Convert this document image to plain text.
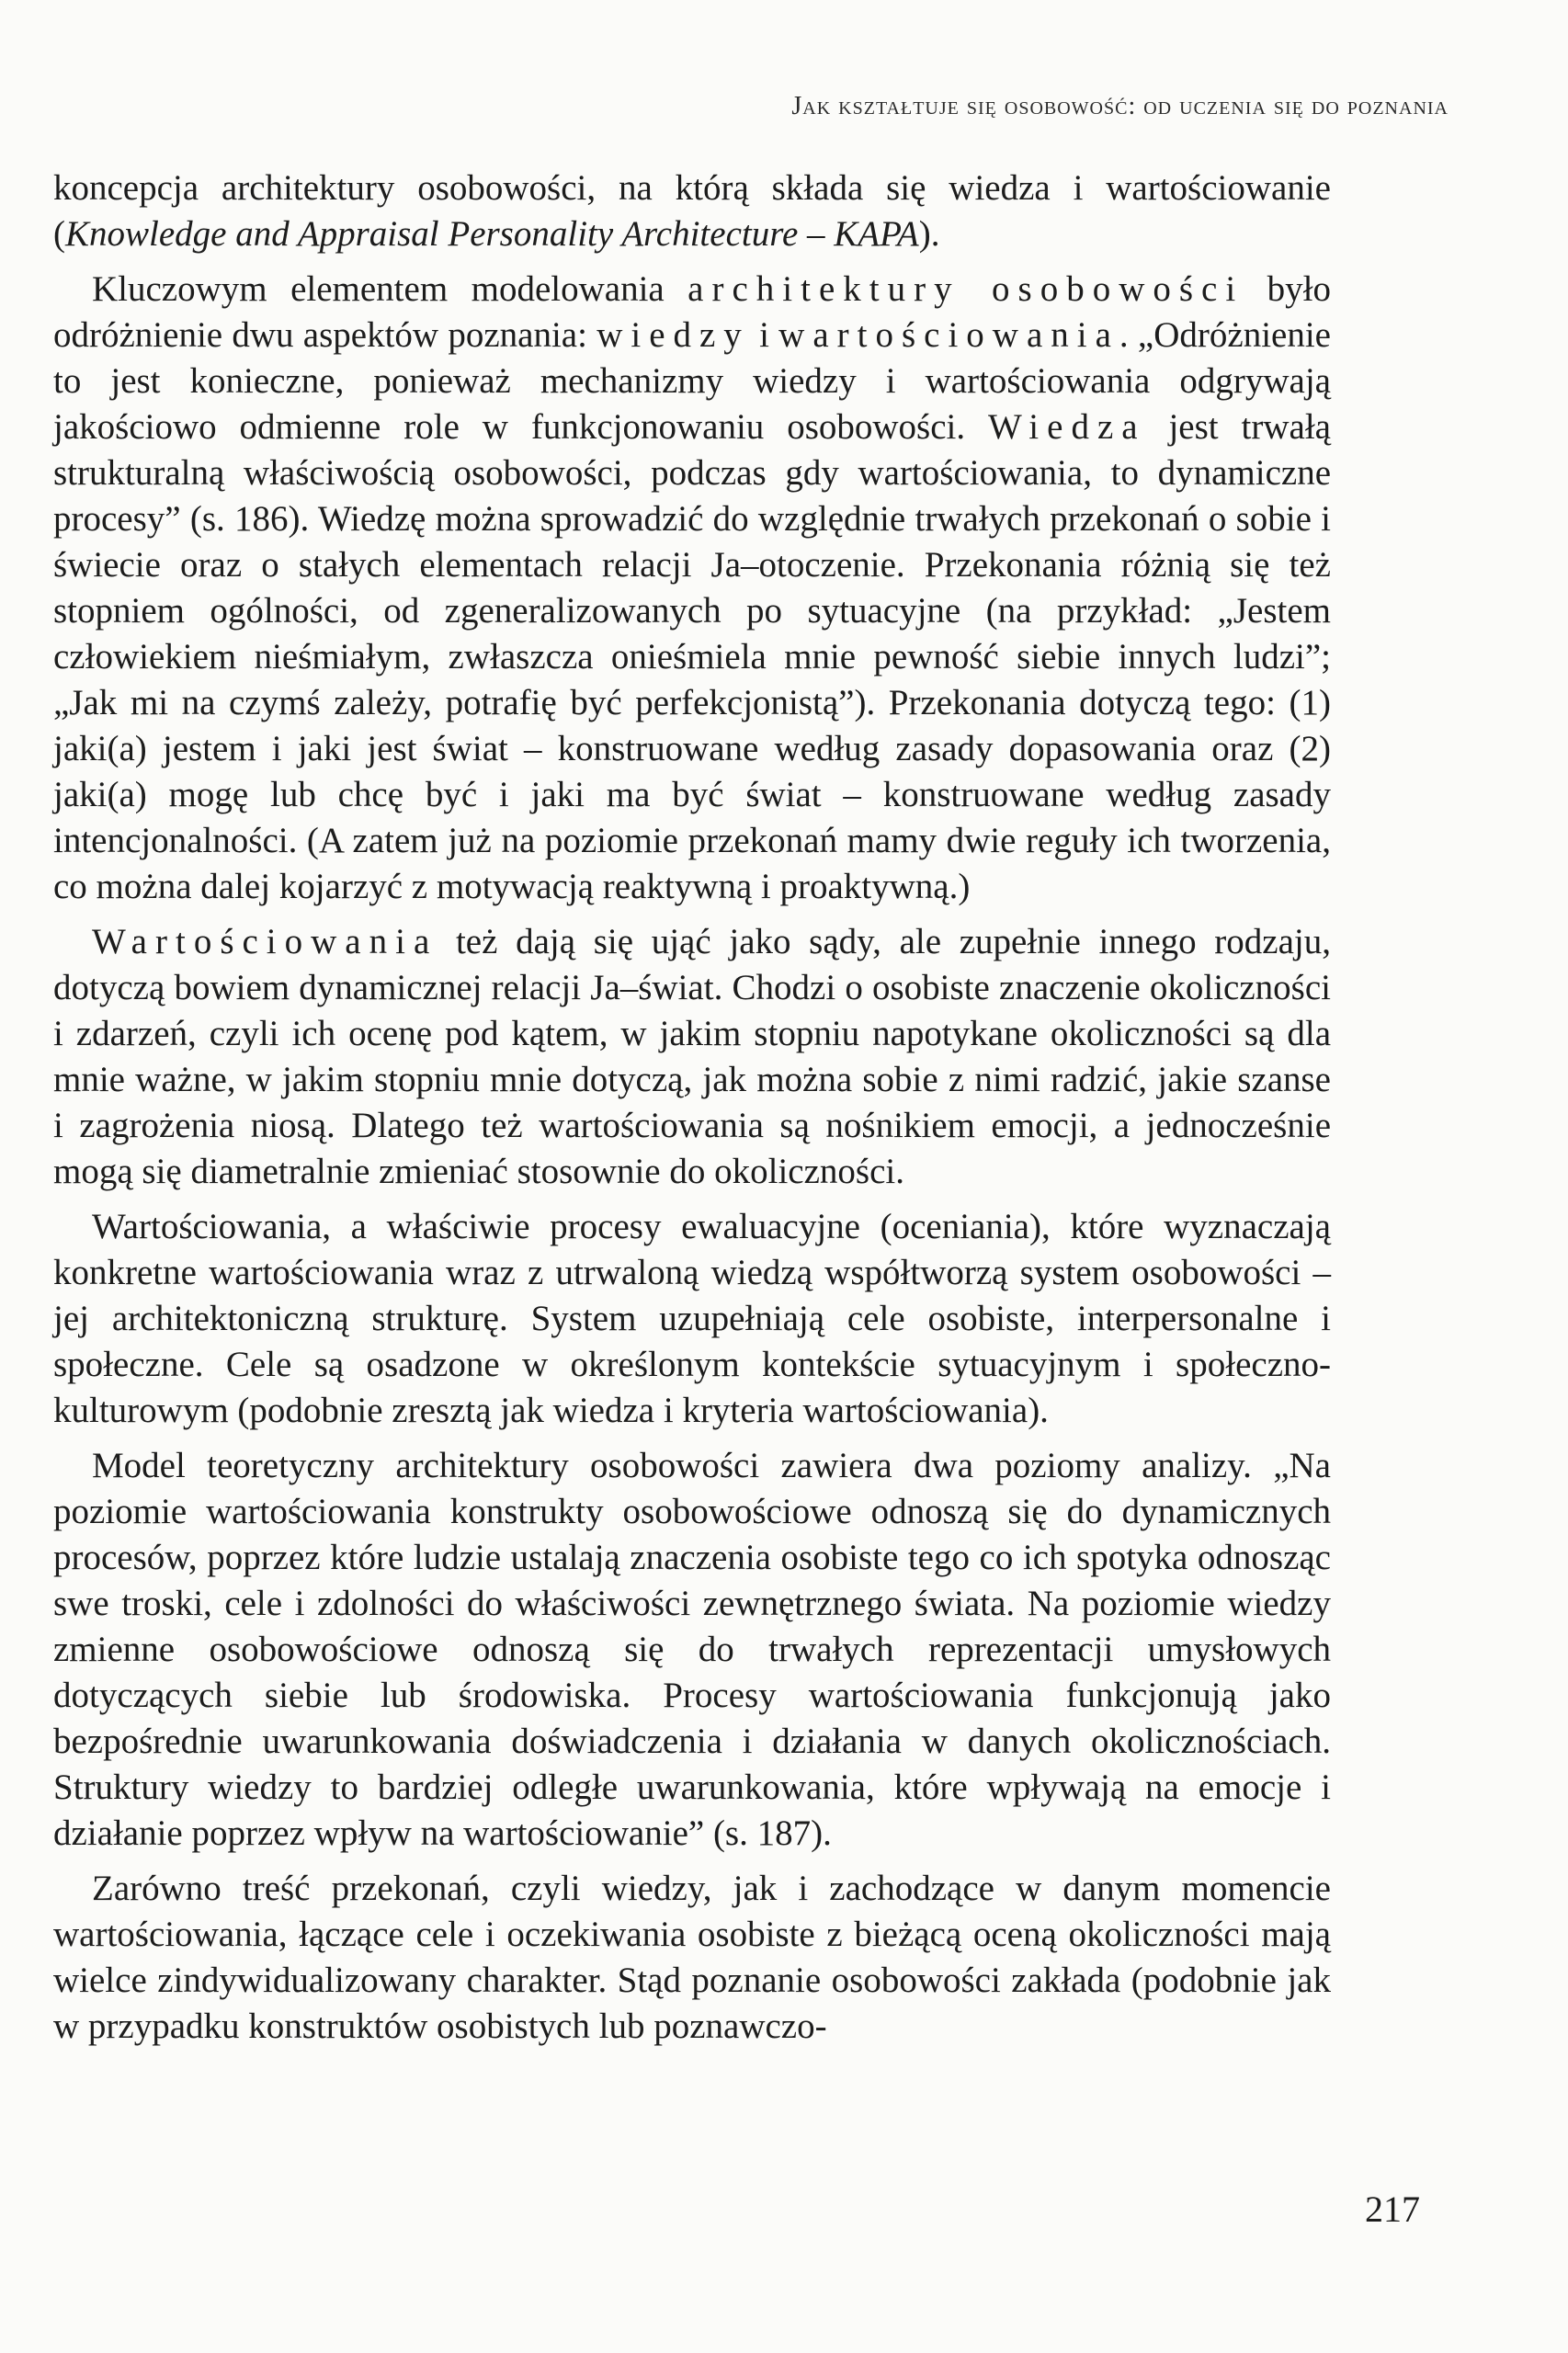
Jak kształtuje się osobowość: od uczenia się do poznania

koncepcja architektury osobowości, na którą składa się wiedza i wartościowanie (Knowledge and Appraisal Personality Architecture – KAPA).

Kluczowym elementem modelowania architektury osobowości było odróżnienie dwu aspektów poznania: wiedzy i wartościowania. „Odróżnienie to jest konieczne, ponieważ mechanizmy wiedzy i wartościowania odgrywają jakościowo odmienne role w funkcjonowaniu osobowości. Wiedza jest trwałą strukturalną właściwością osobowości, podczas gdy wartościowania, to dynamiczne procesy” (s. 186). Wiedzę można sprowadzić do względnie trwałych przekonań o sobie i świecie oraz o stałych elementach relacji Ja–otoczenie. Przekonania różnią się też stopniem ogólności, od zgeneralizowanych po sytuacyjne (na przykład: „Jestem człowiekiem nieśmiałym, zwłaszcza onieśmiela mnie pewność siebie innych ludzi”; „Jak mi na czymś zależy, potrafię być perfekcjonistą”). Przekonania dotyczą tego: (1) jaki(a) jestem i jaki jest świat – konstruowane według zasady dopasowania oraz (2) jaki(a) mogę lub chcę być i jaki ma być świat – konstruowane według zasady intencjonalności. (A zatem już na poziomie przekonań mamy dwie reguły ich tworzenia, co można dalej kojarzyć z motywacją reaktywną i proaktywną.)

Wartościowania też dają się ująć jako sądy, ale zupełnie innego rodzaju, dotyczą bowiem dynamicznej relacji Ja–świat. Chodzi o osobiste znaczenie okoliczności i zdarzeń, czyli ich ocenę pod kątem, w jakim stopniu napotykane okoliczności są dla mnie ważne, w jakim stopniu mnie dotyczą, jak można sobie z nimi radzić, jakie szanse i zagrożenia niosą. Dlatego też wartościowania są nośnikiem emocji, a jednocześnie mogą się diametralnie zmieniać stosownie do okoliczności.

Wartościowania, a właściwie procesy ewaluacyjne (oceniania), które wyznaczają konkretne wartościowania wraz z utrwaloną wiedzą współtworzą system osobowości – jej architektoniczną strukturę. System uzupełniają cele osobiste, interpersonalne i społeczne. Cele są osadzone w określonym kontekście sytuacyjnym i społeczno-kulturowym (podobnie zresztą jak wiedza i kryteria wartościowania).

Model teoretyczny architektury osobowości zawiera dwa poziomy analizy. „Na poziomie wartościowania konstrukty osobowościowe odnoszą się do dynamicznych procesów, poprzez które ludzie ustalają znaczenia osobiste tego co ich spotyka odnosząc swe troski, cele i zdolności do właściwości zewnętrznego świata. Na poziomie wiedzy zmienne osobowościowe odnoszą się do trwałych reprezentacji umysłowych dotyczących siebie lub środowiska. Procesy wartościowania funkcjonują jako bezpośrednie uwarunkowania doświadczenia i działania w danych okolicznościach. Struktury wiedzy to bardziej odległe uwarunkowania, które wpływają na emocje i działanie poprzez wpływ na wartościowanie” (s. 187).

Zarówno treść przekonań, czyli wiedzy, jak i zachodzące w danym momencie wartościowania, łączące cele i oczekiwania osobiste z bieżącą oceną okoliczności mają wielce zindywidualizowany charakter. Stąd poznanie osobowości zakłada (podobnie jak w przypadku konstruktów osobistych lub poznawczo-

217
